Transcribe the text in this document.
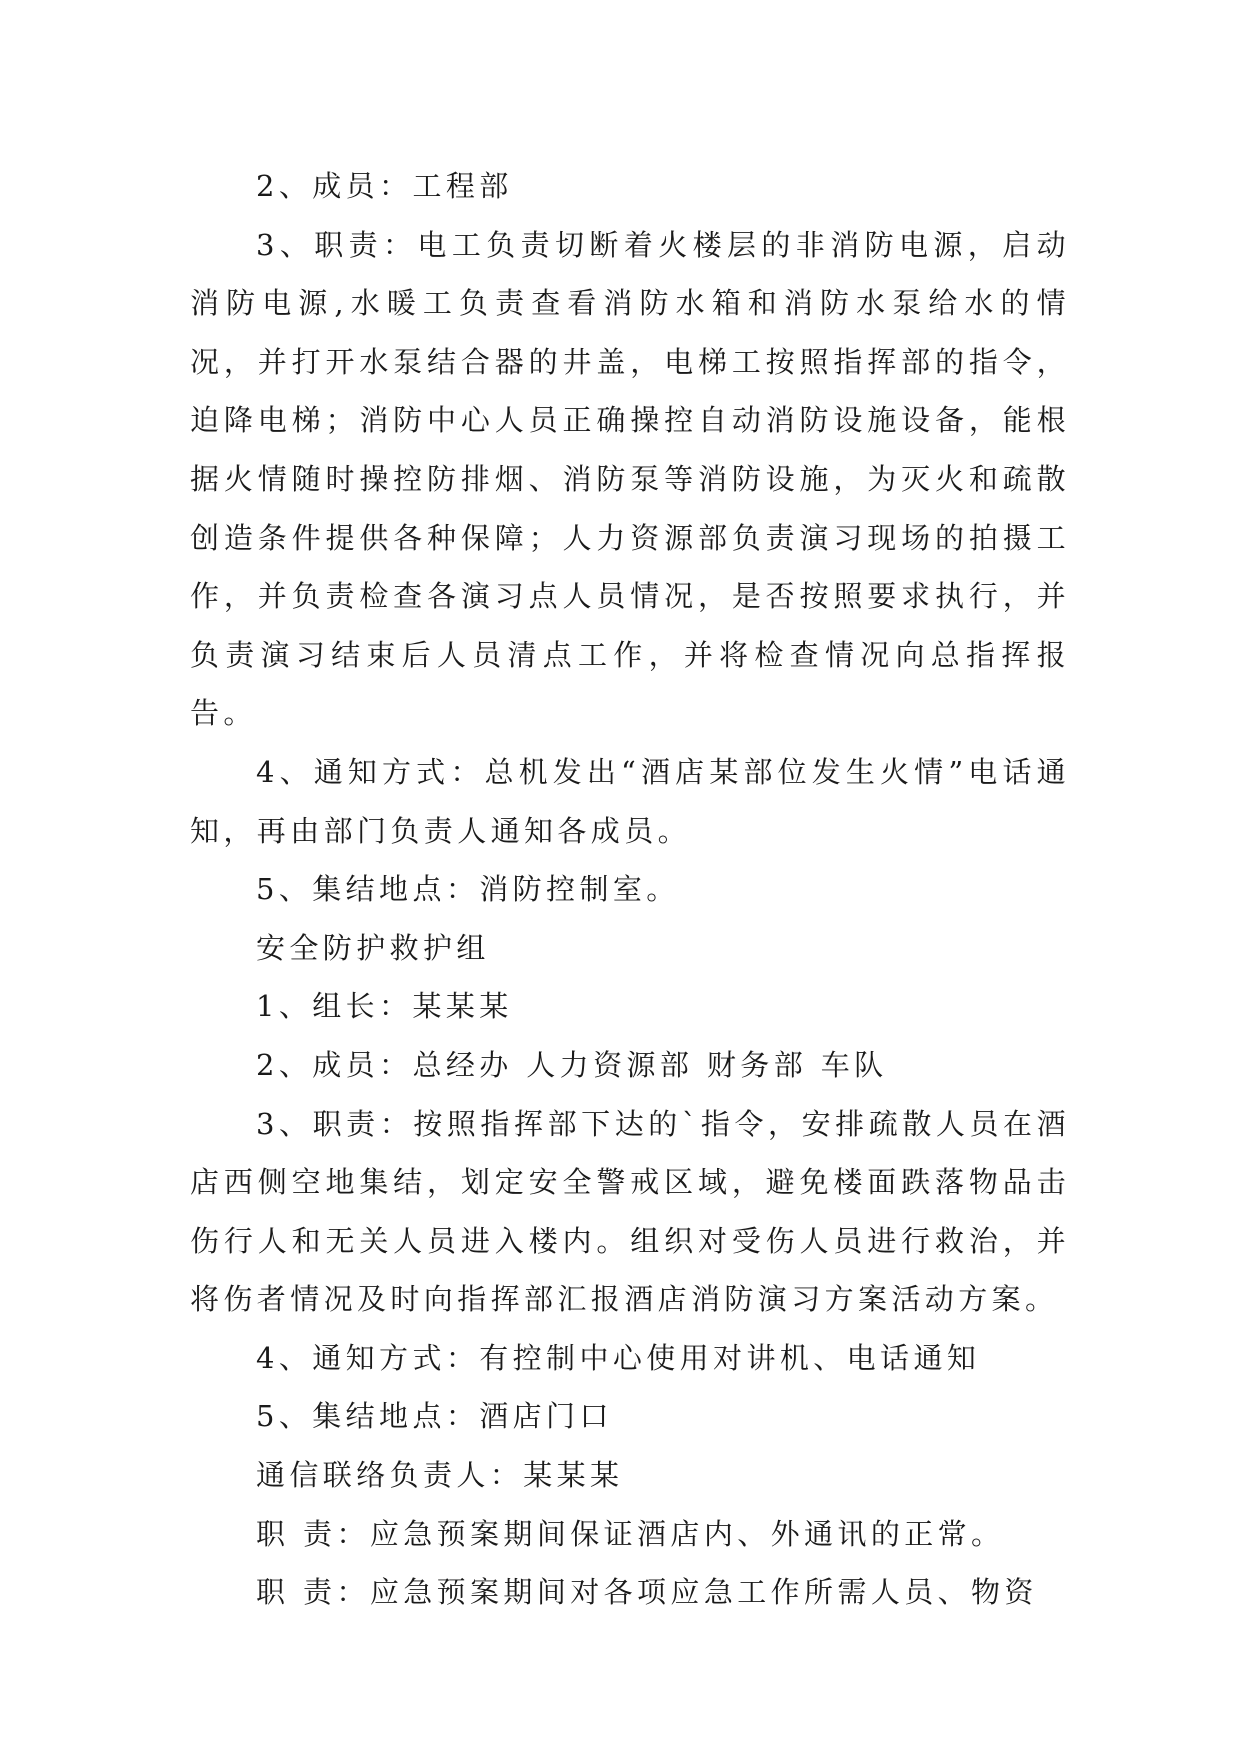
2、成员：工程部

3、职责：电工负责切断着火楼层的非消防电源，启动消防电源,水暖工负责查看消防水箱和消防水泵给水的情况，并打开水泵结合器的井盖，电梯工按照指挥部的指令，迫降电梯；消防中心人员正确操控自动消防设施设备，能根据火情随时操控防排烟、消防泵等消防设施，为灭火和疏散创造条件提供各种保障；人力资源部负责演习现场的拍摄工作，并负责检查各演习点人员情况，是否按照要求执行，并负责演习结束后人员清点工作，并将检查情况向总指挥报告。

4、通知方式：总机发出“酒店某部位发生火情”电话通知，再由部门负责人通知各成员。

5、集结地点：消防控制室。

安全防护救护组

1、组长：某某某

2、成员：总经办 人力资源部 财务部 车队

3、职责：按照指挥部下达的`指令，安排疏散人员在酒店西侧空地集结，划定安全警戒区域，避免楼面跌落物品击伤行人和无关人员进入楼内。组织对受伤人员进行救治，并将伤者情况及时向指挥部汇报酒店消防演习方案活动方案。

4、通知方式：有控制中心使用对讲机、电话通知

5、集结地点：酒店门口

通信联络负责人：某某某

职 责：应急预案期间保证酒店内、外通讯的正常。

职 责：应急预案期间对各项应急工作所需人员、物资
